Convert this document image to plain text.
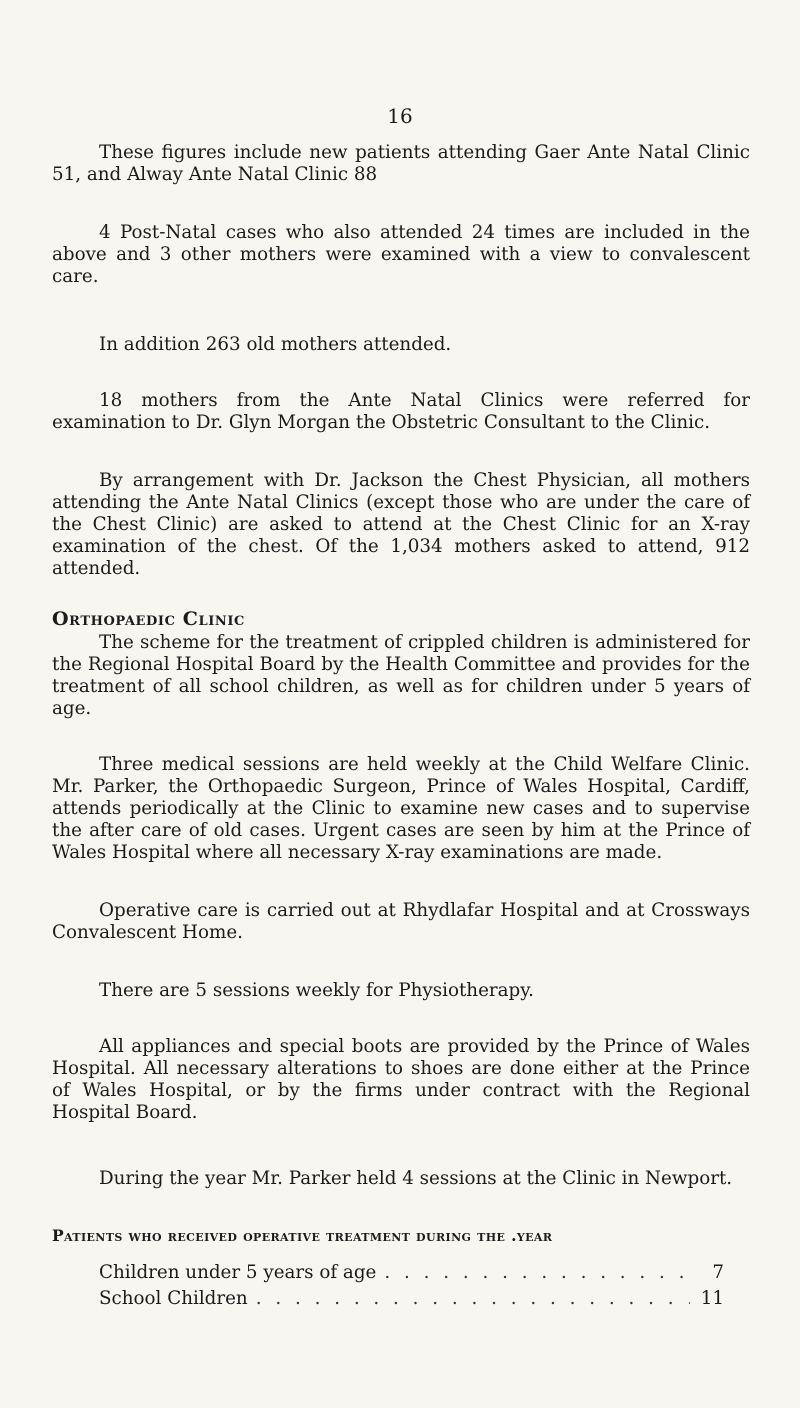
16

These figures include new patients attending Gaer Ante Natal Clinic 51, and Alway Ante Natal Clinic 88

4 Post-Natal cases who also attended 24 times are included in the above and 3 other mothers were examined with a view to convalescent care.

In addition 263 old mothers attended.

18 mothers from the Ante Natal Clinics were referred for examination to Dr. Glyn Morgan the Obstetric Consultant to the Clinic.

By arrangement with Dr. Jackson the Chest Physician, all mothers attending the Ante Natal Clinics (except those who are under the care of the Chest Clinic) are asked to attend at the Chest Clinic for an X-ray examination of the chest. Of the 1,034 mothers asked to attend, 912 attended.

Orthopaedic Clinic

The scheme for the treatment of crippled children is administered for the Regional Hospital Board by the Health Committee and provides for the treatment of all school children, as well as for children under 5 years of age.

Three medical sessions are held weekly at the Child Welfare Clinic. Mr. Parker, the Orthopaedic Surgeon, Prince of Wales Hospital, Cardiff, attends periodically at the Clinic to examine new cases and to supervise the after care of old cases. Urgent cases are seen by him at the Prince of Wales Hospital where all necessary X-ray examinations are made.

Operative care is carried out at Rhydlafar Hospital and at Crossways Convalescent Home.

There are 5 sessions weekly for Physiotherapy.

All appliances and special boots are provided by the Prince of Wales Hospital. All necessary alterations to shoes are done either at the Prince of Wales Hospital, or by the firms under contract with the Regional Hospital Board.

During the year Mr. Parker held 4 sessions at the Clinic in Newport.

Patients who received operative treatment during the .year
Children under 5 years of age . . .	7
School Children . . .	11
